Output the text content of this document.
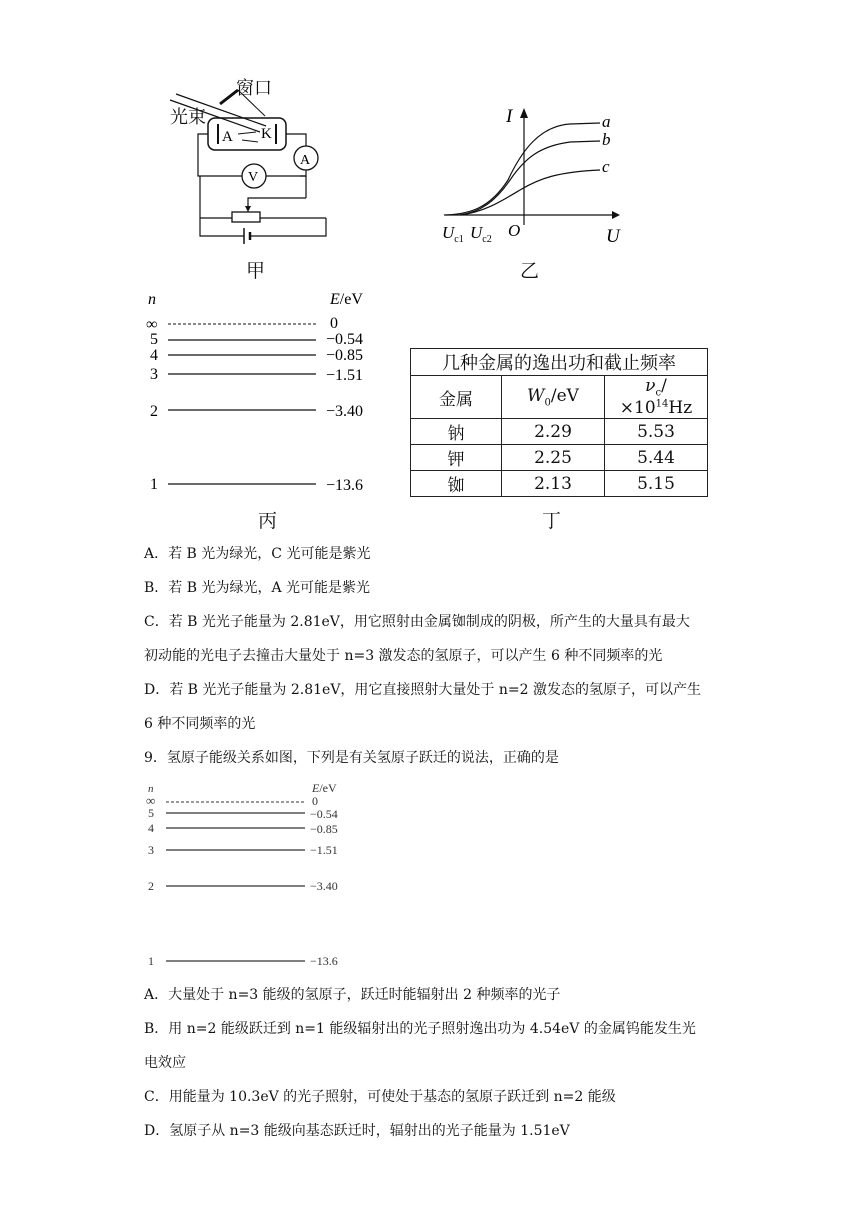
A K
A
V
窗口
光束
甲
I
U
O
a
b
c
$U_{c1}$ $U_{c2}$
乙
n	E/eV
∞	0
5	−0.54
4	−0.85
3	−1.51
2	−3.40
1	−13.6
丙
几种金属的逸出功和截止频率		
金属	$W_0/eV$	$\nu_c/\times 10^{14}Hz$
钠	2.29	5.53
钾	2.25	5.44
铷	2.13	5.15
丁
A．若 B 光为绿光，C 光可能是紫光
B．若 B 光为绿光，A 光可能是紫光
C．若 B 光光子能量为 2.81eV，用它照射由金属铷制成的阴极，所产生的大量具有最大
初动能的光电子去撞击大量处于 n=3 激发态的氢原子，可以产生 6 种不同频率的光
D．若 B 光光子能量为 2.81eV，用它直接照射大量处于 n=2 激发态的氢原子，可以产生
6 种不同频率的光
9．氢原子能级关系如图，下列是有关氢原子跃迁的说法，正确的是
n	E/eV
∞	0
5	−0.54
4	−0.85
3	−1.51
2	−3.40
1	−13.6
A．大量处于 n=3 能级的氢原子，跃迁时能辐射出 2 种频率的光子
B．用 n=2 能级跃迁到 n=1 能级辐射出的光子照射逸出功为 4.54eV 的金属钨能发生光
电效应
C．用能量为 10.3eV 的光子照射，可使处于基态的氢原子跃迁到 n=2 能级
D．氢原子从 n=3 能级向基态跃迁时，辐射出的光子能量为 1.51eV
